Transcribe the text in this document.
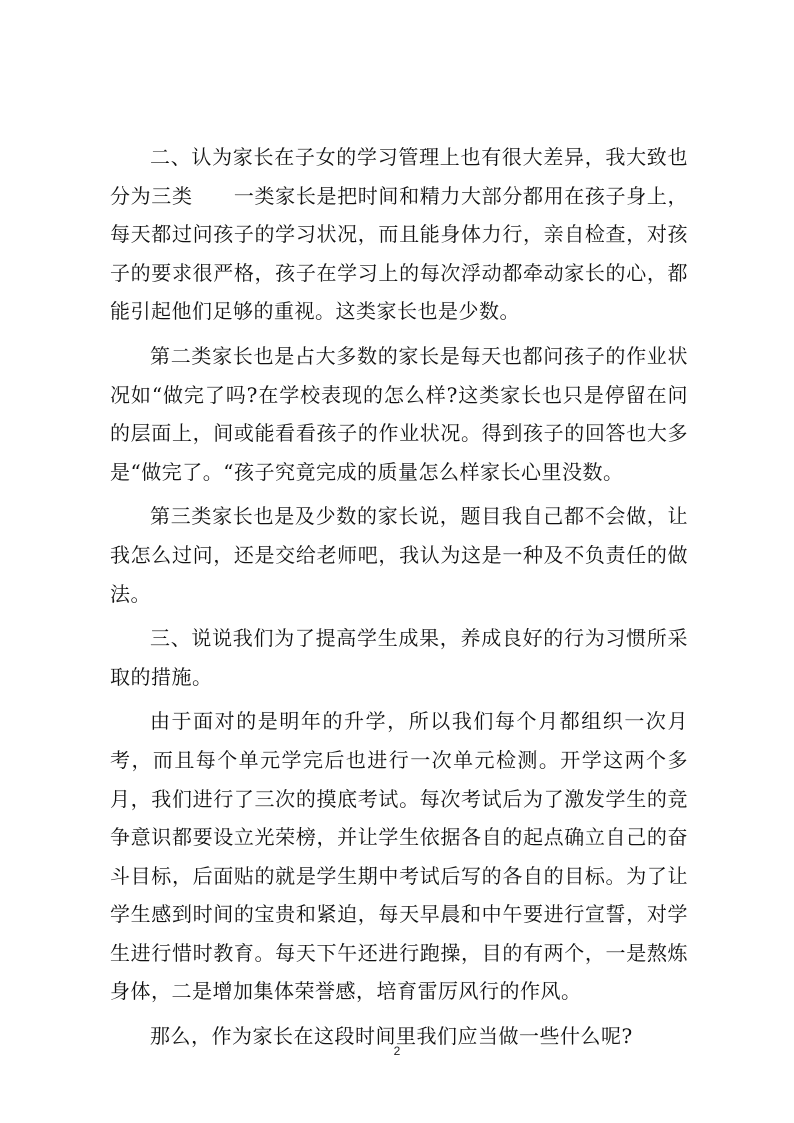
二、认为家长在子女的学习管理上也有很大差异，我大致也分为三类　　一类家长是把时间和精力大部分都用在孩子身上，每天都过问孩子的学习状况，而且能身体力行，亲自检查，对孩子的要求很严格，孩子在学习上的每次浮动都牵动家长的心，都能引起他们足够的重视。这类家长也是少数。

第二类家长也是占大多数的家长是每天也都问孩子的作业状况如“做完了吗?在学校表现的怎么样?这类家长也只是停留在问的层面上，间或能看看孩子的作业状况。得到孩子的回答也大多是“做完了。“孩子究竟完成的质量怎么样家长心里没数。

第三类家长也是及少数的家长说，题目我自己都不会做，让我怎么过问，还是交给老师吧，我认为这是一种及不负责任的做法。

三、说说我们为了提高学生成果，养成良好的行为习惯所采取的措施。

由于面对的是明年的升学，所以我们每个月都组织一次月考，而且每个单元学完后也进行一次单元检测。开学这两个多月，我们进行了三次的摸底考试。每次考试后为了激发学生的竞争意识都要设立光荣榜，并让学生依据各自的起点确立自己的奋斗目标，后面贴的就是学生期中考试后写的各自的目标。为了让学生感到时间的宝贵和紧迫，每天早晨和中午要进行宣誓，对学生进行惜时教育。每天下午还进行跑操，目的有两个，一是熬炼身体，二是增加集体荣誉感，培育雷厉风行的作风。

那么，作为家长在这段时间里我们应当做一些什么呢?

2
